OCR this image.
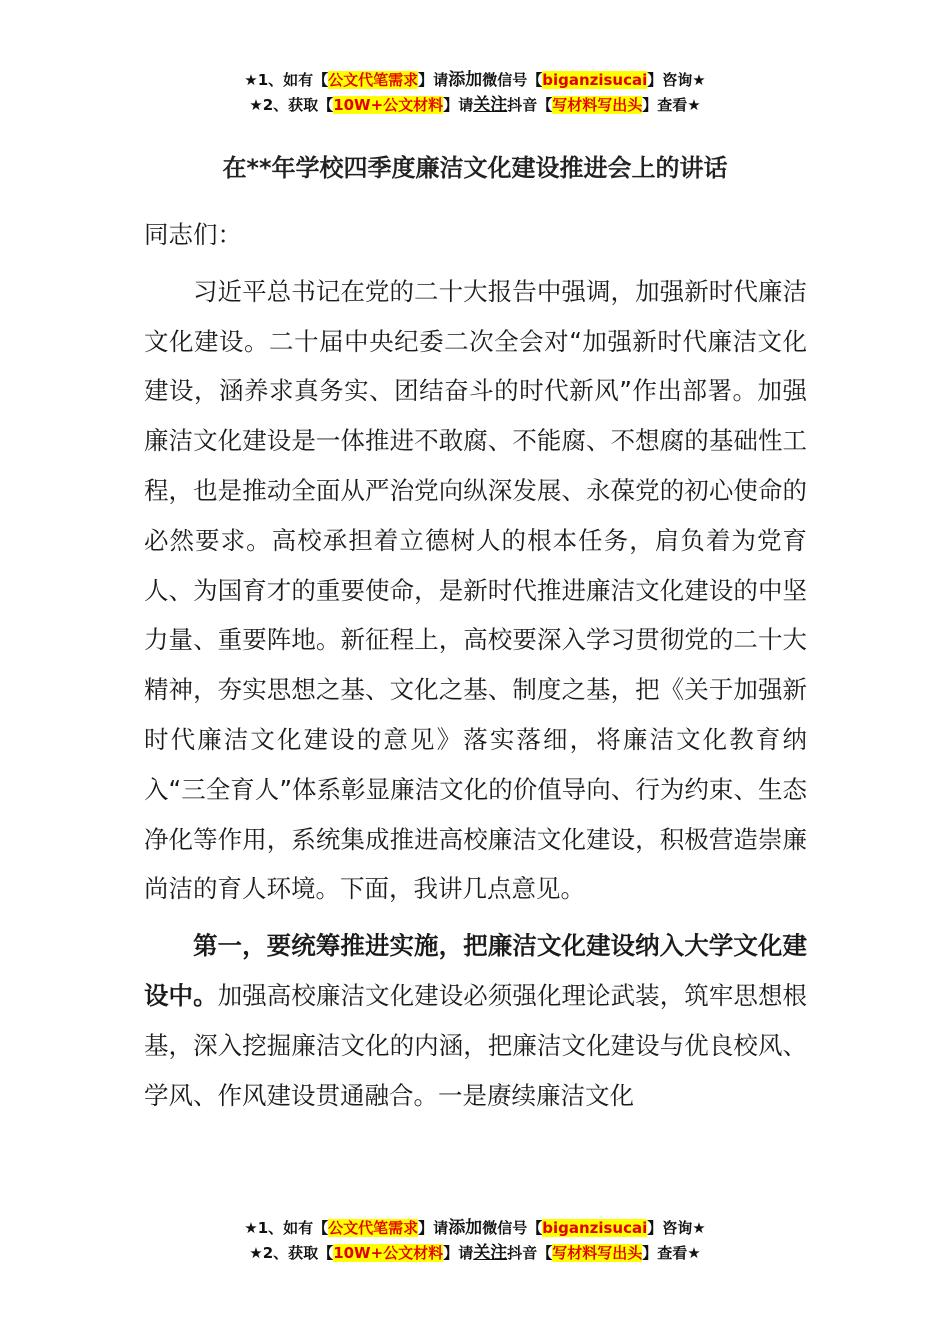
★1、如有【公文代笔需求】请添加微信号【biganzisucai】咨询★
★2、获取【10W+公文材料】请关注抖音【写材料写出头】查看★
在**年学校四季度廉洁文化建设推进会上的讲话

同志们：

习近平总书记在党的二十大报告中强调，加强新时代廉洁文化建设。二十届中央纪委二次全会对“加强新时代廉洁文化建设，涵养求真务实、团结奋斗的时代新风”作出部署。加强廉洁文化建设是一体推进不敢腐、不能腐、不想腐的基础性工程，也是推动全面从严治党向纵深发展、永葆党的初心使命的必然要求。高校承担着立德树人的根本任务，肩负着为党育人、为国育才的重要使命，是新时代推进廉洁文化建设的中坚力量、重要阵地。新征程上，高校要深入学习贯彻党的二十大精神，夯实思想之基、文化之基、制度之基，把《关于加强新时代廉洁文化建设的意见》落实落细，将廉洁文化教育纳入“三全育人”体系彰显廉洁文化的价值导向、行为约束、生态净化等作用，系统集成推进高校廉洁文化建设，积极营造崇廉尚洁的育人环境。下面，我讲几点意见。

第一，要统筹推进实施，把廉洁文化建设纳入大学文化建设中。加强高校廉洁文化建设必须强化理论武装，筑牢思想根基，深入挖掘廉洁文化的内涵，把廉洁文化建设与优良校风、学风、作风建设贯通融合。一是赓续廉洁文化

★1、如有【公文代笔需求】请添加微信号【biganzisucai】咨询★
★2、获取【10W+公文材料】请关注抖音【写材料写出头】查看★
